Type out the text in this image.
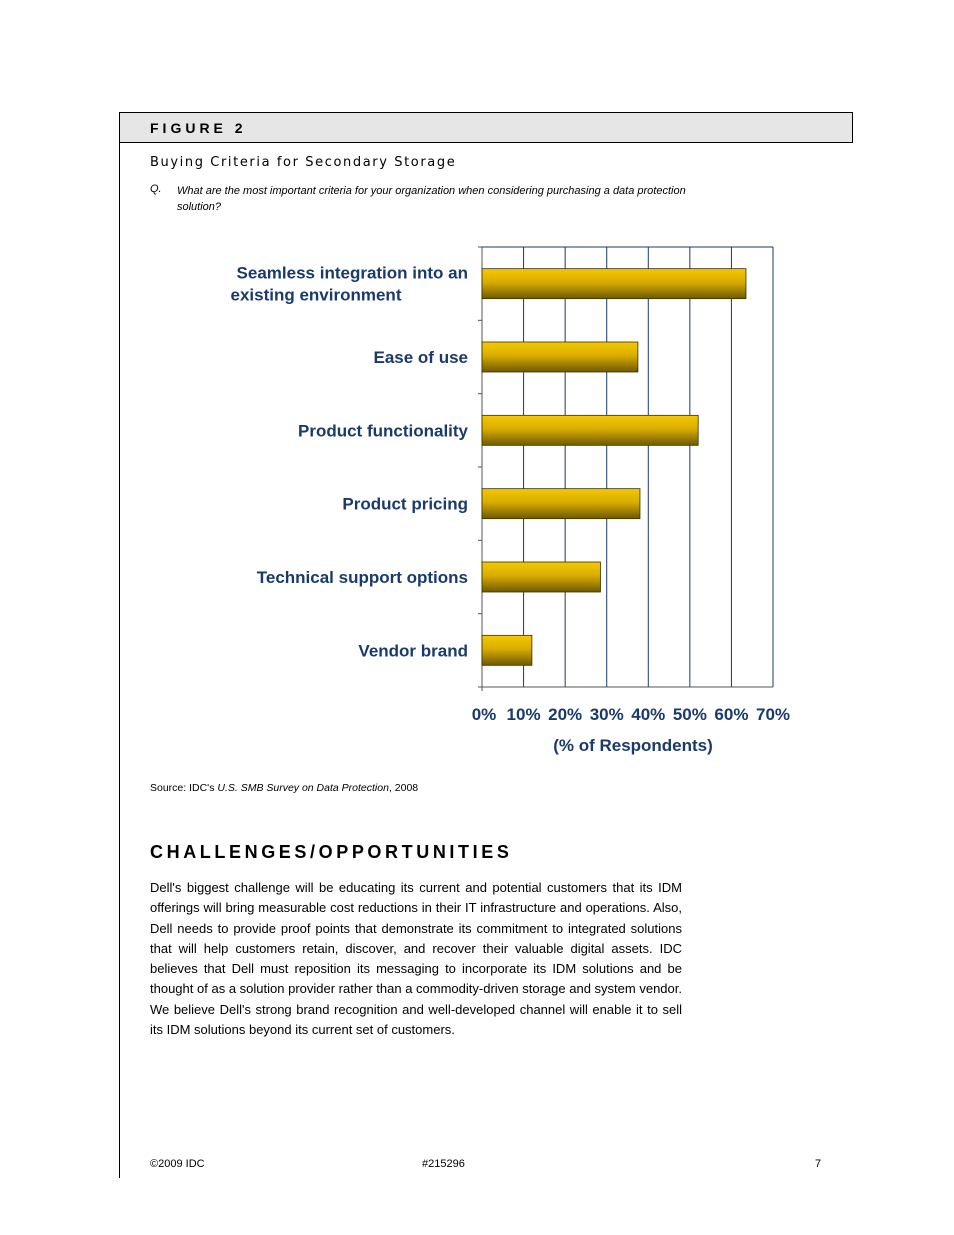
FIGURE 2
Buying Criteria for Secondary Storage
Q. What are the most important criteria for your organization when considering purchasing a data protection solution?
Seamless integration into an
existing environment
Ease of use
Product functionality
Product pricing
Technical support options
Vendor brand
0% 10% 20% 30% 40% 50% 60% 70%
(% of Respondents)
Source: IDC's U.S. SMB Survey on Data Protection, 2008
CHALLENGES/OPPORTUNITIES
Dell's biggest challenge will be educating its current and potential customers that its IDM offerings will bring measurable cost reductions in their IT infrastructure and operations. Also, Dell needs to provide proof points that demonstrate its commitment to integrated solutions that will help customers retain, discover, and recover their valuable digital assets. IDC believes that Dell must reposition its messaging to incorporate its IDM solutions and be thought of as a solution provider rather than a commodity-driven storage and system vendor. We believe Dell's strong brand recognition and well-developed channel will enable it to sell its IDM solutions beyond its current set of customers.
©2009 IDC	#215296	7
